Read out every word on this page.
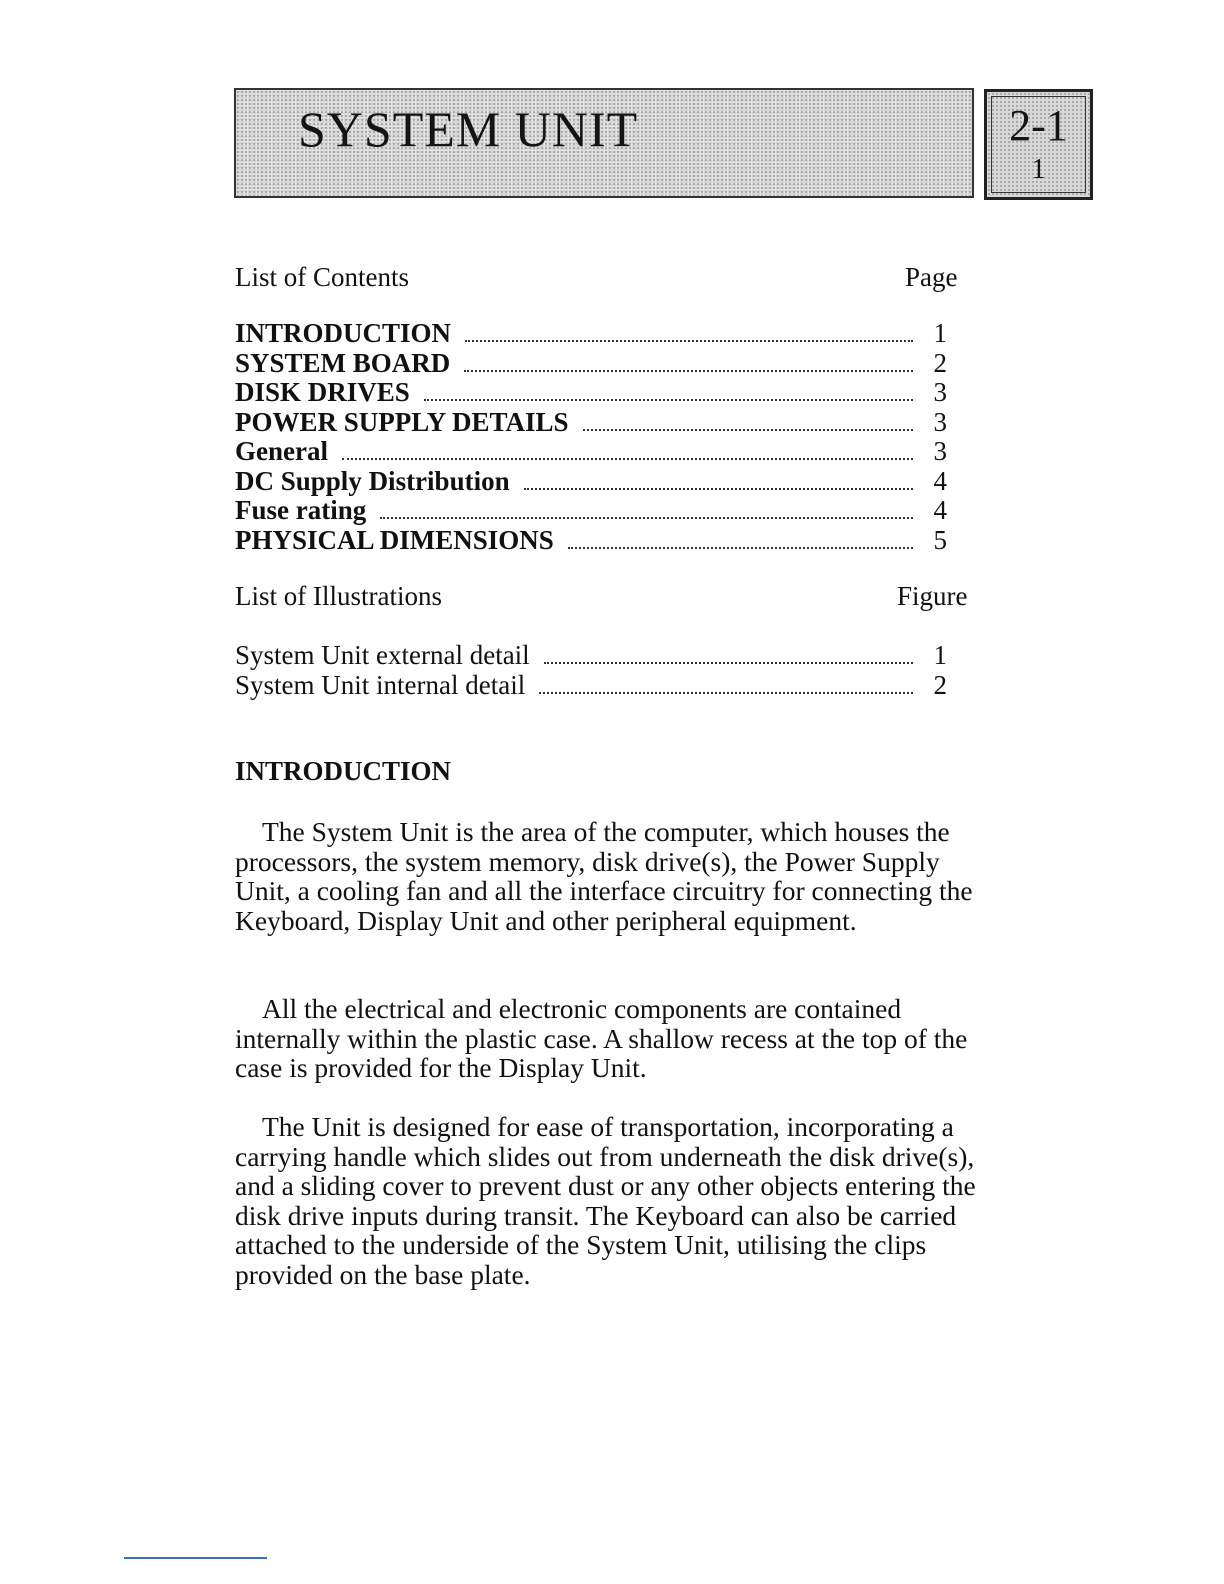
SYSTEM UNIT	2-1
1
List of Contents	Page
INTRODUCTION	1
SYSTEM BOARD	2
DISK DRIVES	3
POWER SUPPLY DETAILS	3
General	3
DC Supply Distribution	4
Fuse rating	4
PHYSICAL DIMENSIONS	5
List of Illustrations	Figure
System Unit external detail	1
System Unit internal detail	2
INTRODUCTION

The System Unit is the area of the computer, which houses the processors, the system memory, disk drive(s), the Power Supply Unit, a cooling fan and all the interface circuitry for connecting the Keyboard, Display Unit and other peripheral equipment.

All the electrical and electronic components are contained internally within the plastic case. A shallow recess at the top of the case is provided for the Display Unit.

The Unit is designed for ease of transportation, incorporating a carrying handle which slides out from underneath the disk drive(s), and a sliding cover to prevent dust or any other objects entering the disk drive inputs during transit. The Keyboard can also be carried attached to the underside of the System Unit, utilising the clips provided on the base plate.
